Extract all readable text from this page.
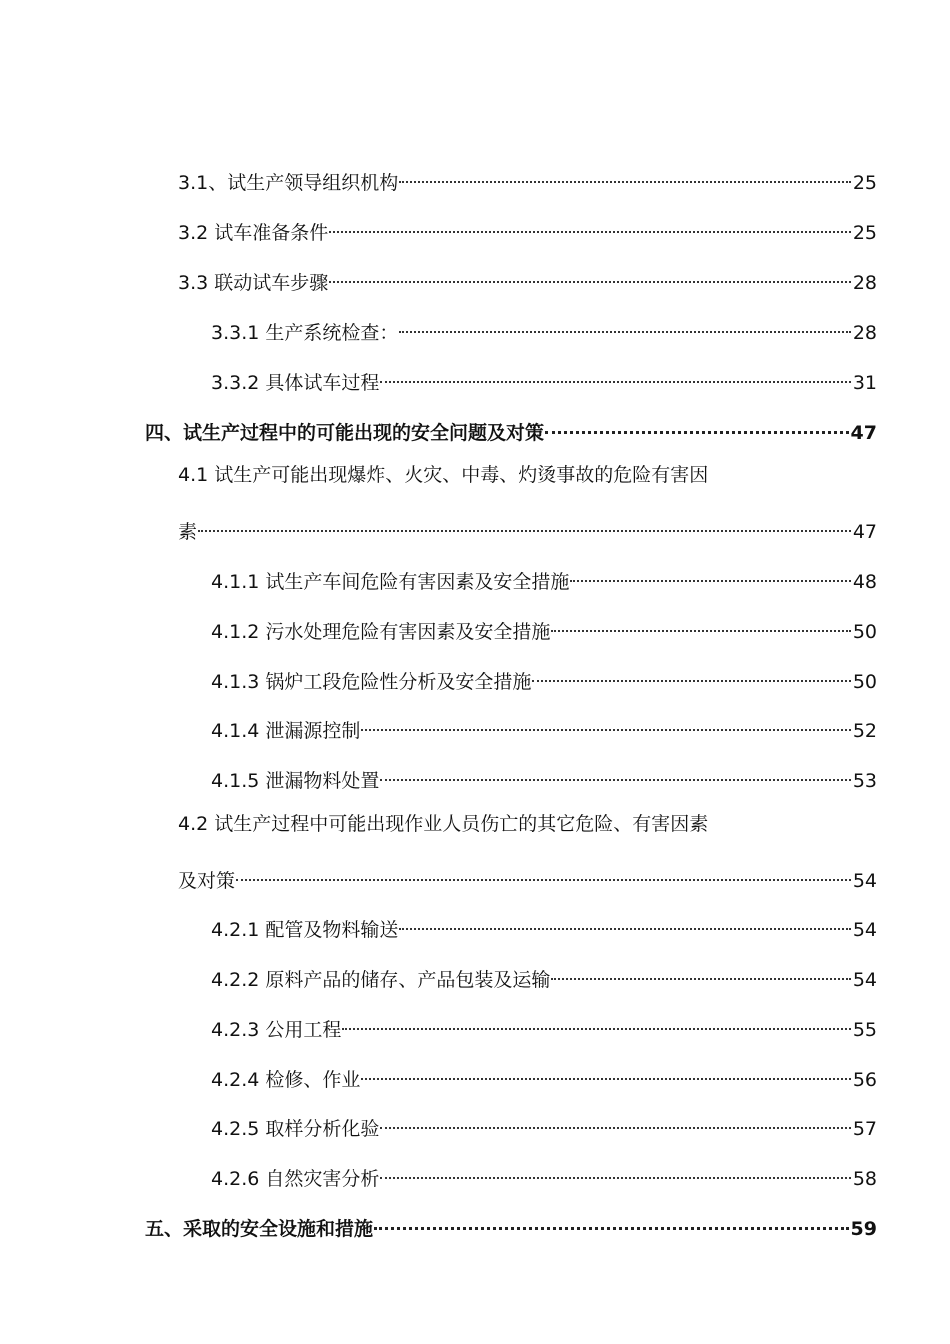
3.1、试生产领导组织机构	25
3.2 试车准备条件	25
3.3 联动试车步骤	28
3.3.1 生产系统检查：	28
3.3.2 具体试车过程	31
四、试生产过程中的可能出现的安全问题及对策	47
4.1 试生产可能出现爆炸、火灾、中毒、灼烫事故的危险有害因
素	47
4.1.1 试生产车间危险有害因素及安全措施	48
4.1.2 污水处理危险有害因素及安全措施	50
4.1.3 锅炉工段危险性分析及安全措施	50
4.1.4 泄漏源控制	52
4.1.5 泄漏物料处置	53
4.2 试生产过程中可能出现作业人员伤亡的其它危险、有害因素
及对策	54
4.2.1 配管及物料输送	54
4.2.2 原料产品的储存、产品包装及运输	54
4.2.3 公用工程	55
4.2.4 检修、作业	56
4.2.5 取样分析化验	57
4.2.6 自然灾害分析	58
五、采取的安全设施和措施	59
